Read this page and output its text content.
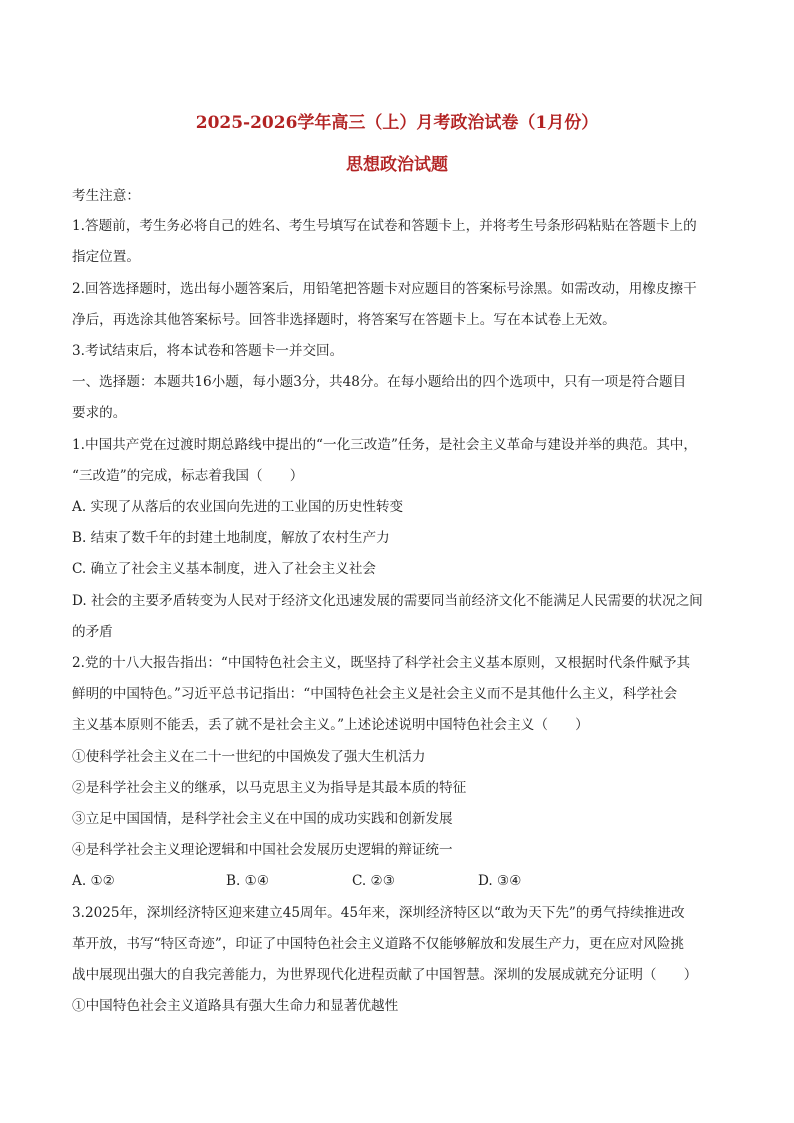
2025-2026学年高三（上）月考政治试卷（1月份）
思想政治试题
考生注意：
1.答题前，考生务必将自己的姓名、考生号填写在试卷和答题卡上，并将考生号条形码粘贴在答题卡上的
指定位置。
2.回答选择题时，选出每小题答案后，用铅笔把答题卡对应题目的答案标号涂黑。如需改动，用橡皮擦干
净后，再选涂其他答案标号。回答非选择题时，将答案写在答题卡上。写在本试卷上无效。
3.考试结束后，将本试卷和答题卡一并交回。
一、选择题：本题共16小题，每小题3分，共48分。在每小题给出的四个选项中，只有一项是符合题目
要求的。
1.中国共产党在过渡时期总路线中提出的“一化三改造”任务，是社会主义革命与建设并举的典范。其中，
“三改造”的完成，标志着我国（　　）
A. 实现了从落后的农业国向先进的工业国的历史性转变
B. 结束了数千年的封建土地制度，解放了农村生产力
C. 确立了社会主义基本制度，进入了社会主义社会
D. 社会的主要矛盾转变为人民对于经济文化迅速发展的需要同当前经济文化不能满足人民需要的状况之间
的矛盾
2.党的十八大报告指出：“中国特色社会主义，既坚持了科学社会主义基本原则，又根据时代条件赋予其
鲜明的中国特色。”习近平总书记指出：“中国特色社会主义是社会主义而不是其他什么主义，科学社会
主义基本原则不能丢，丢了就不是社会主义。”上述论述说明中国特色社会主义（　　）
①使科学社会主义在二十一世纪的中国焕发了强大生机活力
②是科学社会主义的继承，以马克思主义为指导是其最本质的特征
③立足中国国情，是科学社会主义在中国的成功实践和创新发展
④是科学社会主义理论逻辑和中国社会发展历史逻辑的辩证统一
A. ①②	B. ①④	C. ②③	D. ③④
3.2025年，深圳经济特区迎来建立45周年。45年来，深圳经济特区以“敢为天下先”的勇气持续推进改
革开放，书写“特区奇迹”，印证了中国特色社会主义道路不仅能够解放和发展生产力，更在应对风险挑
战中展现出强大的自我完善能力，为世界现代化进程贡献了中国智慧。深圳的发展成就充分证明（　　）
①中国特色社会主义道路具有强大生命力和显著优越性
